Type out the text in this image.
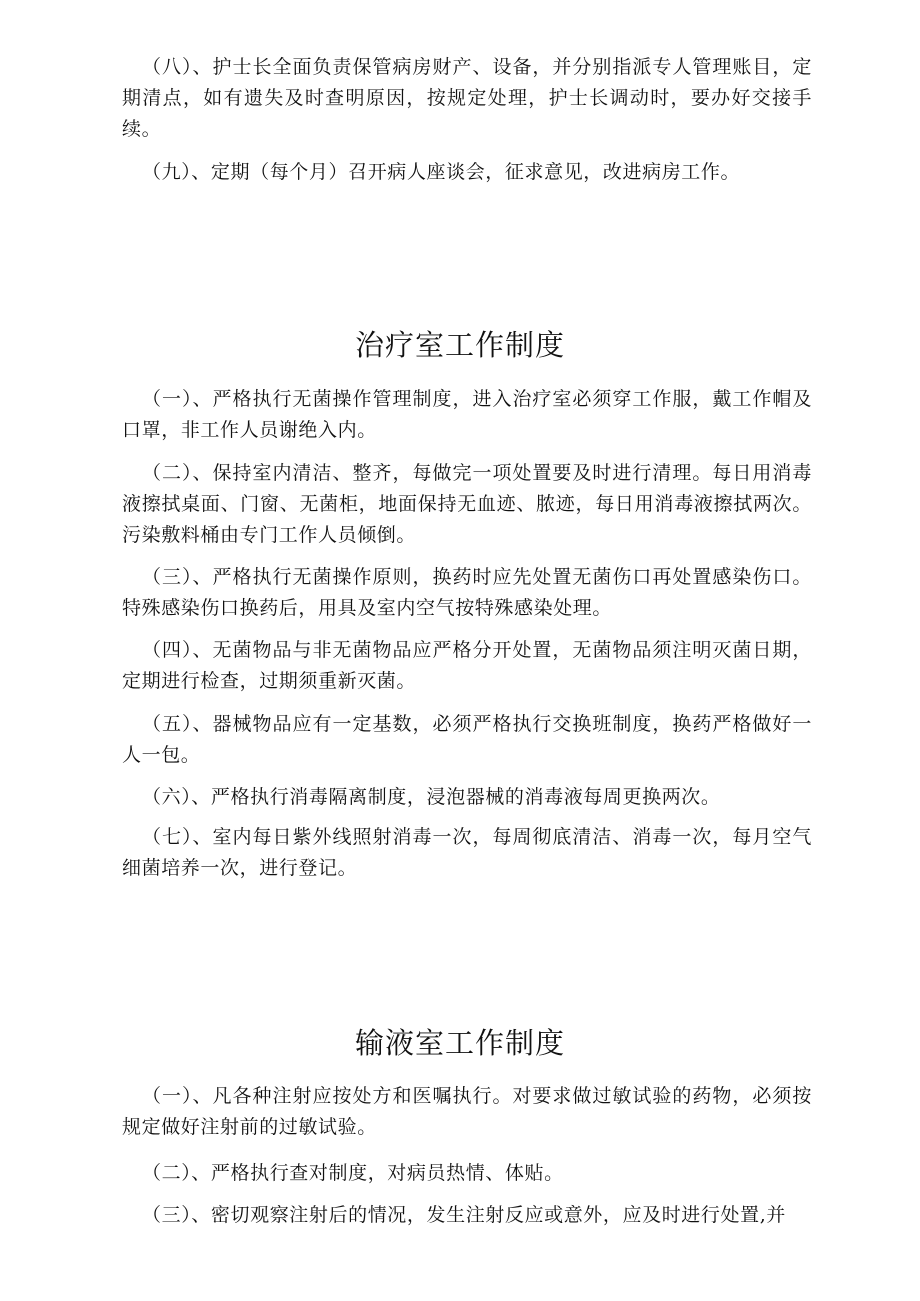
（八）、护士长全面负责保管病房财产、设备，并分别指派专人管理账目，定期清点，如有遗失及时查明原因，按规定处理，护士长调动时，要办好交接手续。

（九）、定期（每个月）召开病人座谈会，征求意见，改进病房工作。

治疗室工作制度

（一）、严格执行无菌操作管理制度，进入治疗室必须穿工作服，戴工作帽及口罩，非工作人员谢绝入内。

（二）、保持室内清洁、整齐，每做完一项处置要及时进行清理。每日用消毒液擦拭桌面、门窗、无菌柜，地面保持无血迹、脓迹，每日用消毒液擦拭两次。污染敷料桶由专门工作人员倾倒。

（三）、严格执行无菌操作原则，换药时应先处置无菌伤口再处置感染伤口。特殊感染伤口换药后，用具及室内空气按特殊感染处理。

（四）、无菌物品与非无菌物品应严格分开处置，无菌物品须注明灭菌日期，定期进行检查，过期须重新灭菌。

（五）、器械物品应有一定基数，必须严格执行交换班制度，换药严格做好一人一包。

（六）、严格执行消毒隔离制度，浸泡器械的消毒液每周更换两次。

（七）、室内每日紫外线照射消毒一次，每周彻底清洁、消毒一次，每月空气细菌培养一次，进行登记。

输液室工作制度

（一）、凡各种注射应按处方和医嘱执行。对要求做过敏试验的药物，必须按规定做好注射前的过敏试验。

（二）、严格执行查对制度，对病员热情、体贴。

（三）、密切观察注射后的情况，发生注射反应或意外，应及时进行处置,并
